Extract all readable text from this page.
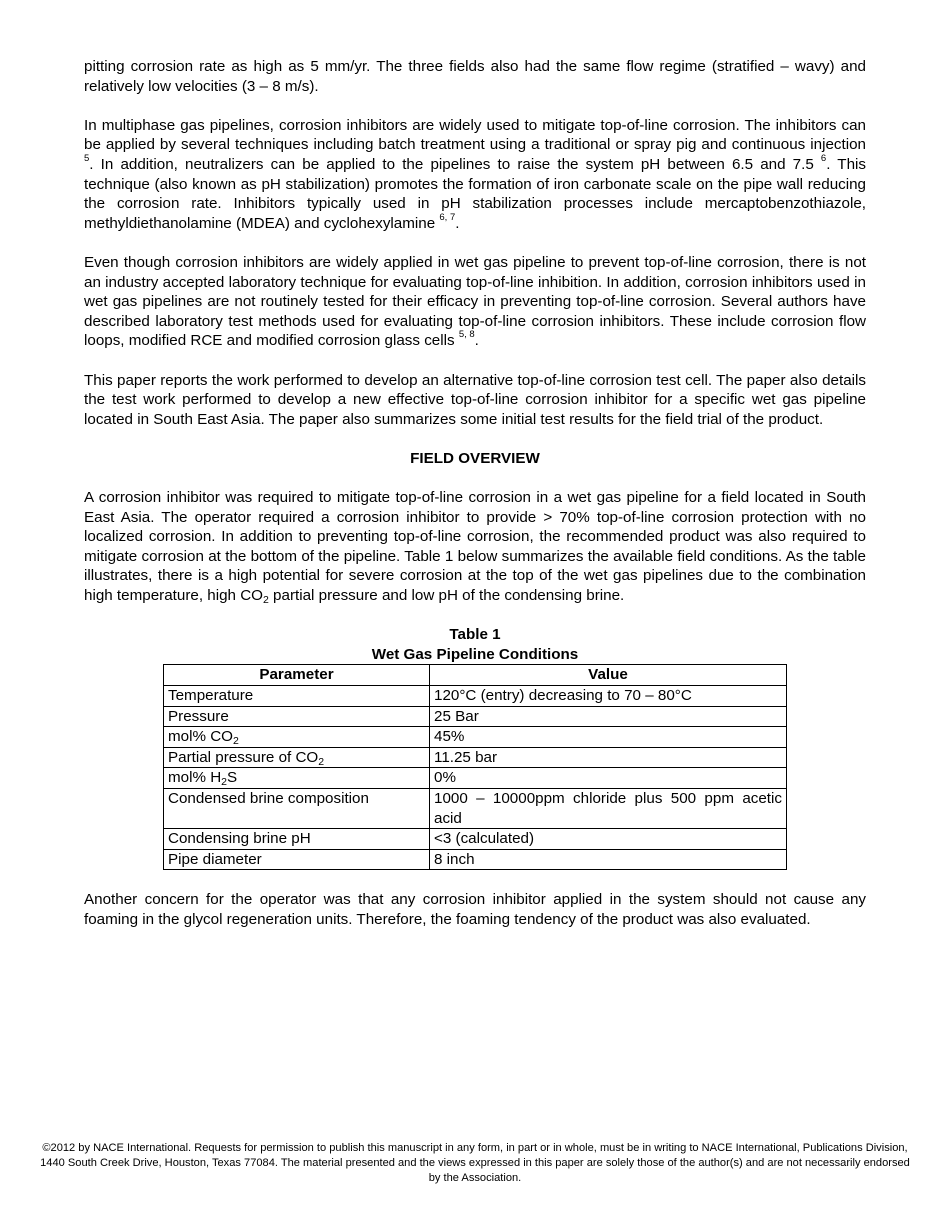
pitting corrosion rate as high as 5 mm/yr. The three fields also had the same flow regime (stratified – wavy) and relatively low velocities (3 – 8 m/s).

In multiphase gas pipelines, corrosion inhibitors are widely used to mitigate top-of-line corrosion. The inhibitors can be applied by several techniques including batch treatment using a traditional or spray pig and continuous injection $^5$. In addition, neutralizers can be applied to the pipelines to raise the system pH between 6.5 and 7.5 $^6$. This technique (also known as pH stabilization) promotes the formation of iron carbonate scale on the pipe wall reducing the corrosion rate. Inhibitors typically used in pH stabilization processes include mercaptobenzothiazole, methyldiethanolamine (MDEA) and cyclohexylamine $^{6, 7}$.

Even though corrosion inhibitors are widely applied in wet gas pipeline to prevent top-of-line corrosion, there is not an industry accepted laboratory technique for evaluating top-of-line inhibition. In addition, corrosion inhibitors used in wet gas pipelines are not routinely tested for their efficacy in preventing top-of-line corrosion. Several authors have described laboratory test methods used for evaluating top-of-line corrosion inhibitors. These include corrosion flow loops, modified RCE and modified corrosion glass cells $^{5, 8}$.

This paper reports the work performed to develop an alternative top-of-line corrosion test cell. The paper also details the test work performed to develop a new effective top-of-line corrosion inhibitor for a specific wet gas pipeline located in South East Asia. The paper also summarizes some initial test results for the field trial of the product.

FIELD OVERVIEW

A corrosion inhibitor was required to mitigate top-of-line corrosion in a wet gas pipeline for a field located in South East Asia. The operator required a corrosion inhibitor to provide > 70% top-of-line corrosion protection with no localized corrosion. In addition to preventing top-of-line corrosion, the recommended product was also required to mitigate corrosion at the bottom of the pipeline. Table 1 below summarizes the available field conditions. As the table illustrates, there is a high potential for severe corrosion at the top of the wet gas pipelines due to the combination high temperature, high $CO_2$ partial pressure and low pH of the condensing brine.

Table 1
Wet Gas Pipeline Conditions
Parameter	Value
Temperature	120°C (entry) decreasing to 70 – 80°C
Pressure	25 Bar
mol% $CO_2$	45%
Partial pressure of $CO_2$	11.25 bar
mol% $H_2S$	0%
Condensed brine composition	1000 – 10000ppm chloride plus 500 ppm acetic acid
Condensing brine pH	<3 (calculated)
Pipe diameter	8 inch

Another concern for the operator was that any corrosion inhibitor applied in the system should not cause any foaming in the glycol regeneration units. Therefore, the foaming tendency of the product was also evaluated.

©2012 by NACE International. Requests for permission to publish this manuscript in any form, in part or in whole, must be in writing to NACE International, Publications Division, 1440 South Creek Drive, Houston, Texas 77084. The material presented and the views expressed in this paper are solely those of the author(s) and are not necessarily endorsed by the Association.
